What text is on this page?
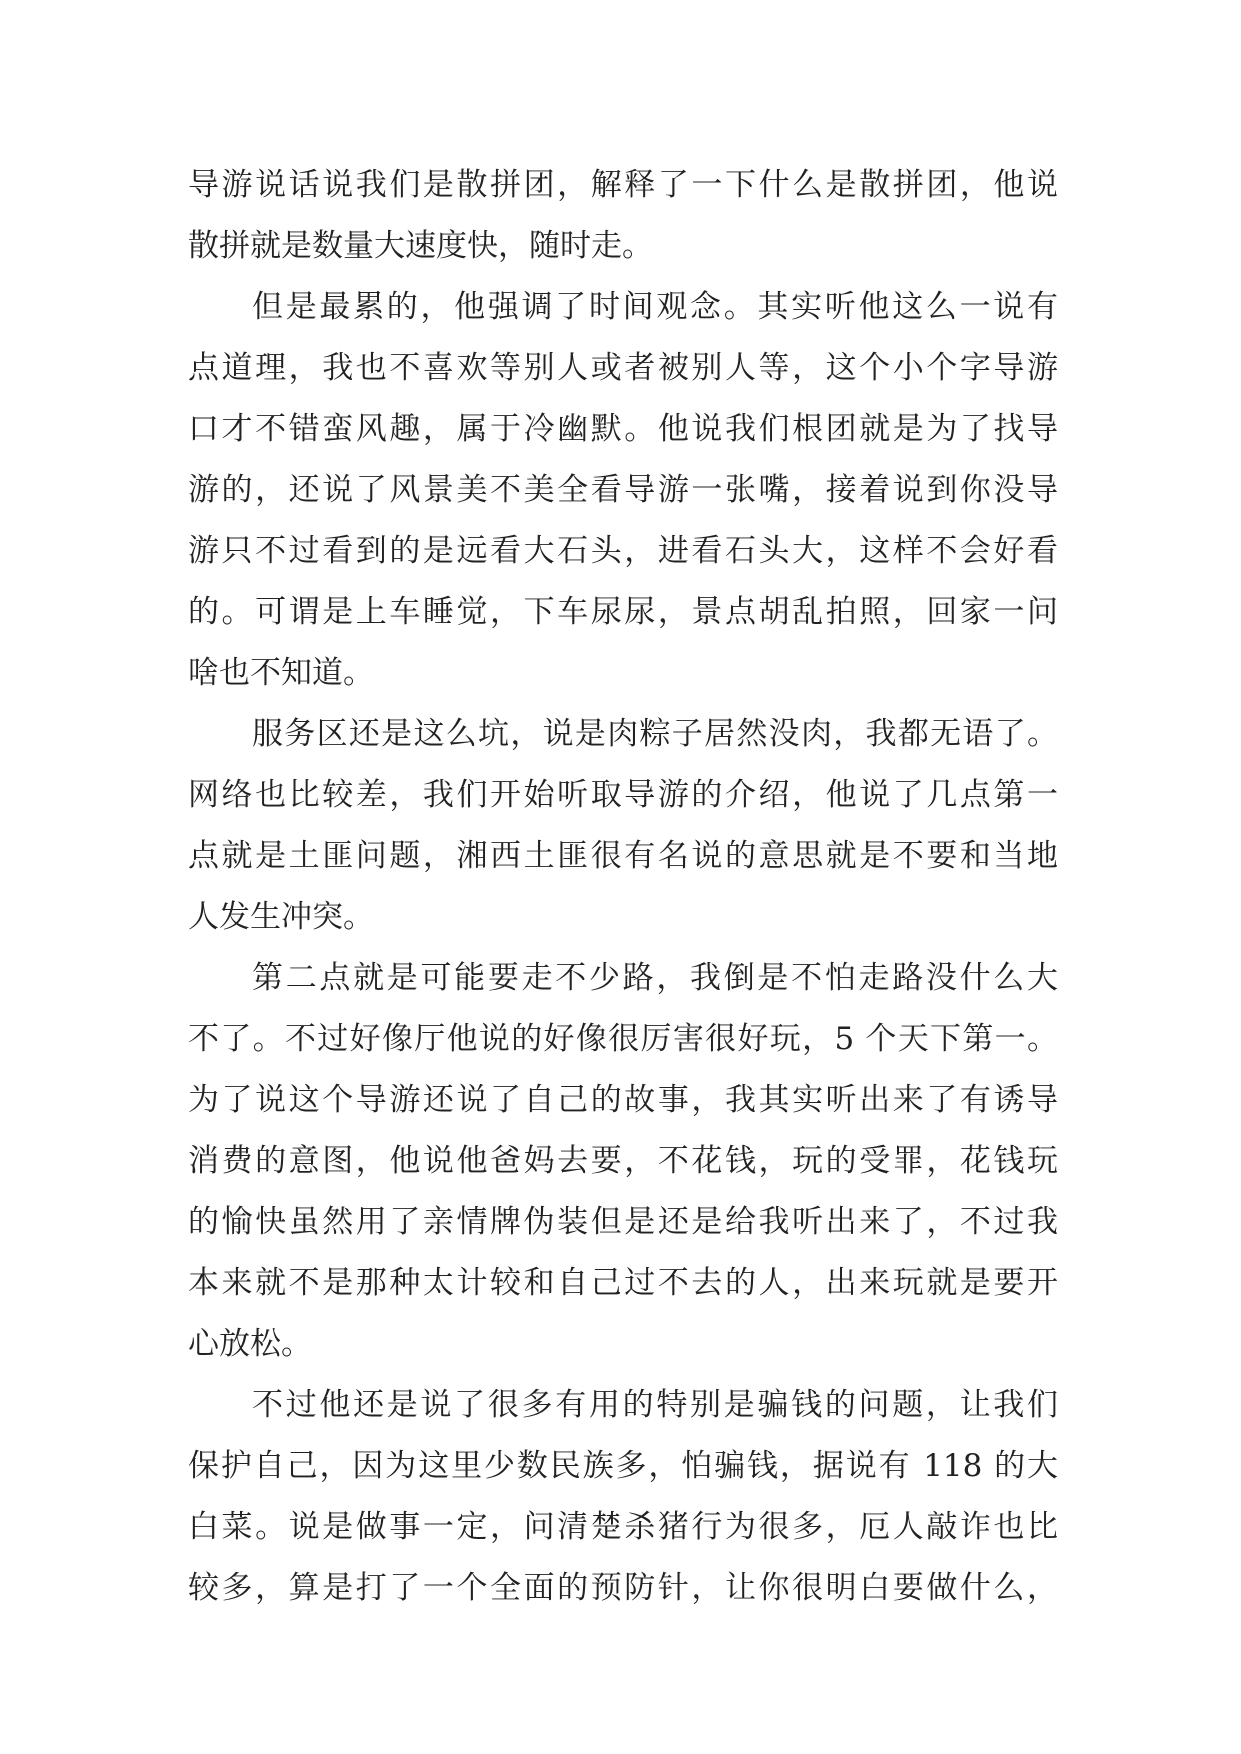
导游说话说我们是散拼团，解释了一下什么是散拼团，他说
散拼就是数量大速度快，随时走。
但是最累的，他强调了时间观念。其实听他这么一说有
点道理，我也不喜欢等别人或者被别人等，这个小个字导游
口才不错蛮风趣，属于冷幽默。他说我们根团就是为了找导
游的，还说了风景美不美全看导游一张嘴，接着说到你没导
游只不过看到的是远看大石头，进看石头大，这样不会好看
的。可谓是上车睡觉，下车尿尿，景点胡乱拍照，回家一问
啥也不知道。
服务区还是这么坑，说是肉粽子居然没肉，我都无语了。
网络也比较差，我们开始听取导游的介绍，他说了几点第一
点就是土匪问题，湘西土匪很有名说的意思就是不要和当地
人发生冲突。
第二点就是可能要走不少路，我倒是不怕走路没什么大
不了。不过好像厅他说的好像很厉害很好玩，5 个天下第一。
为了说这个导游还说了自己的故事，我其实听出来了有诱导
消费的意图，他说他爸妈去要，不花钱，玩的受罪，花钱玩
的愉快虽然用了亲情牌伪装但是还是给我听出来了，不过我
本来就不是那种太计较和自己过不去的人，出来玩就是要开
心放松。
不过他还是说了很多有用的特别是骗钱的问题，让我们
保护自己，因为这里少数民族多，怕骗钱，据说有 118 的大
白菜。说是做事一定，问清楚杀猪行为很多，厄人敲诈也比
较多，算是打了一个全面的预防针，让你很明白要做什么，
